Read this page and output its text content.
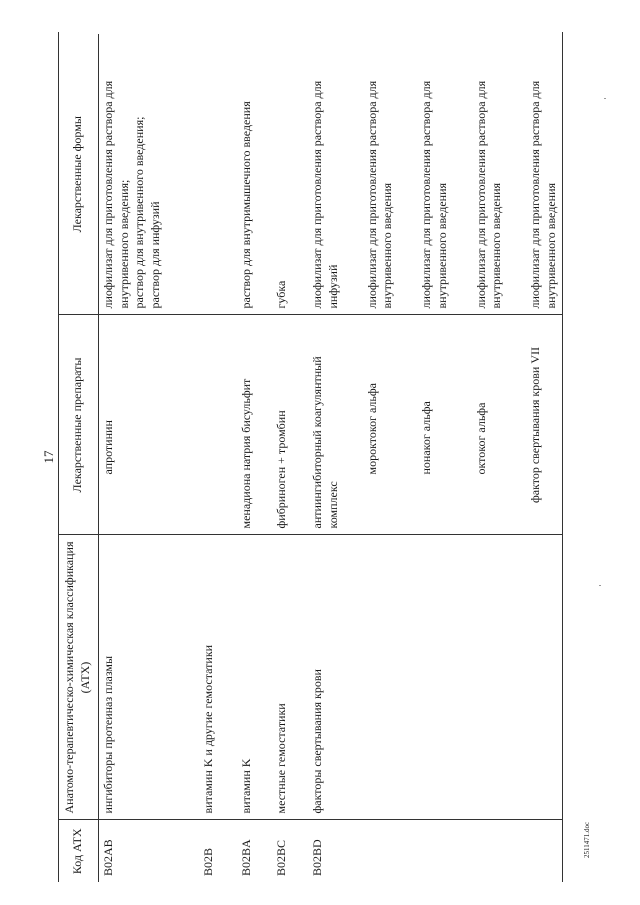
17
2511471.doc
Код АТХ	Анатомо-терапевтическо-химическая классификация (АТХ)	Лекарственные препараты	Лекарственные формы
B02AB	ингибиторы протеиназ плазмы	апротинин	лиофилизат для приготовления раствора для внутривенного введения; раствор для внутривенного введения; раствор для инфузий

B02B	витамин K и другие гемостатики		
B02BA	витамин K	менадиона натрия бисульфит	раствор для внутримышечного введения
B02BC	местные гемостатики	фибриноген + тромбин	губка
B02BD	факторы свертывания крови	антиингибиторный коагулянтный комплекс	лиофилизат для приготовления раствора для инфузий
		мороктоког альфа	лиофилизат для приготовления раствора для внутривенного введения
		нонаког альфа	лиофилизат для приготовления раствора для внутривенного введения
		октоког альфа	лиофилизат для приготовления раствора для внутривенного введения
		фактор свертывания крови VII	лиофилизат для приготовления раствора для внутривенного введения
